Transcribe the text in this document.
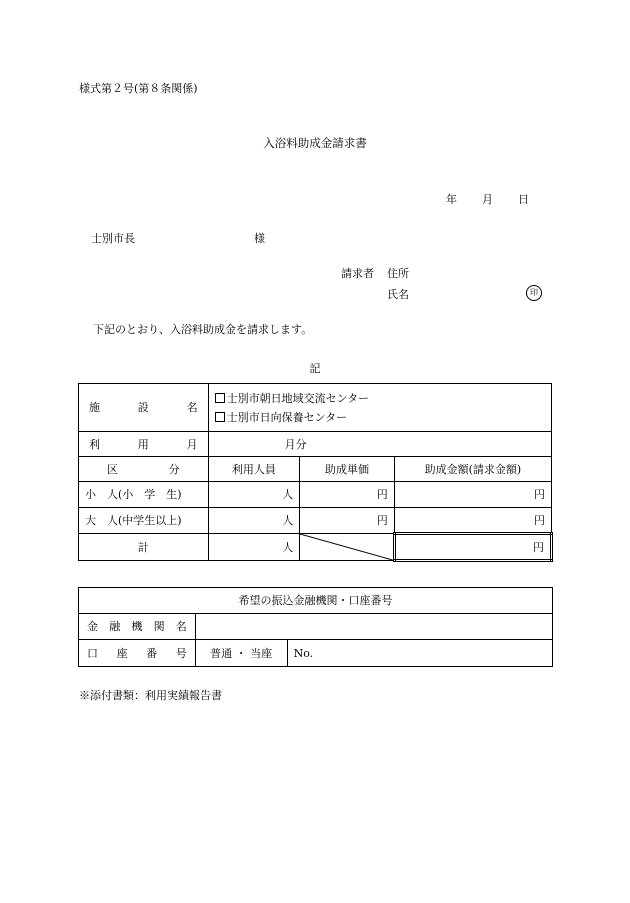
様式第２号(第８条関係)
入浴料助成金請求書
年 月 日
士別市長	様
請求者 住所
氏名	印
下記のとおり、入浴料助成金を請求します。
記
施設名	士別市朝日地域交流センター
士別市日向保養センター		

利用月	月分		

区分	利用人員	助成単価	助成金額(請求金額)
小　人(小　学　生)	人	円	円
大　人(中学生以上)	人	円	円
計	人		円
希望の振込金融機関・口座番号		

金融機関名		

口座番号	普通 ・ 当座	No.
※添付書類：利用実績報告書
